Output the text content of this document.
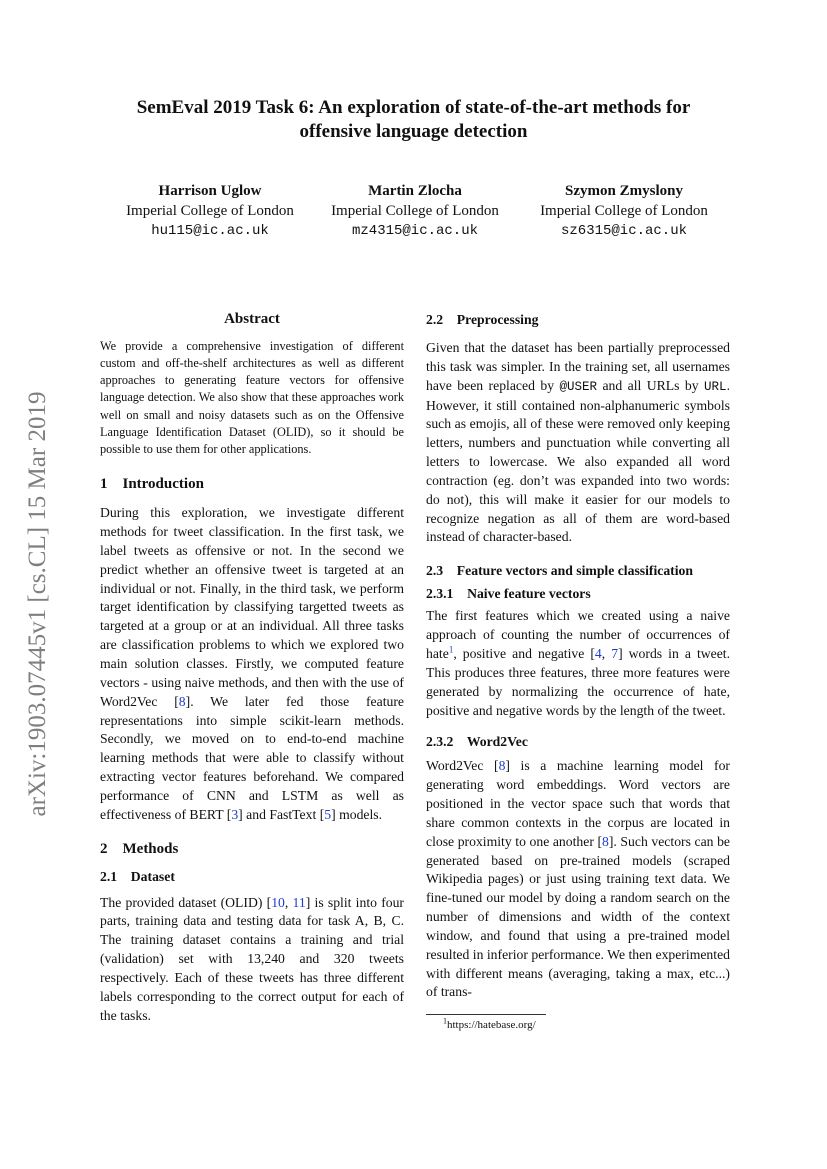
SemEval 2019 Task 6: An exploration of state-of-the-art methods for
offensive language detection
Harrison Uglow
Imperial College of London
hu115@ic.ac.uk
Martin Zlocha
Imperial College of London
mz4315@ic.ac.uk
Szymon Zmyslony
Imperial College of London
sz6315@ic.ac.uk
arXiv:1903.07445v1 [cs.CL] 15 Mar 2019
Abstract

We provide a comprehensive investigation of different custom and off-the-shelf architectures as well as different approaches to generating feature vectors for offensive language detection. We also show that these approaches work well on small and noisy datasets such as on the Offensive Language Identification Dataset (OLID), so it should be possible to use them for other applications.

1 Introduction

During this exploration, we investigate different methods for tweet classification. In the first task, we label tweets as offensive or not. In the second we predict whether an offensive tweet is targeted at an individual or not. Finally, in the third task, we perform target identification by classifying targetted tweets as targeted at a group or at an individual. All three tasks are classification problems to which we explored two main solution classes. Firstly, we computed feature vectors - using naive methods, and then with the use of Word2Vec [8]. We later fed those feature representations into simple scikit-learn methods. Secondly, we moved on to end-to-end machine learning methods that were able to classify without extracting vector features beforehand. We compared performance of CNN and LSTM as well as effectiveness of BERT [3] and FastText [5] models.

2 Methods
2.1 Dataset

The provided dataset (OLID) [10, 11] is split into four parts, training data and testing data for task A, B, C. The training dataset contains a training and trial (validation) set with 13,240 and 320 tweets respectively. Each of these tweets has three different labels corresponding to the correct output for each of the tasks.

2.2 Preprocessing

Given that the dataset has been partially preprocessed this task was simpler. In the training set, all usernames have been replaced by @USER and all URLs by URL. However, it still contained non-alphanumeric symbols such as emojis, all of these were removed only keeping letters, numbers and punctuation while converting all letters to lowercase. We also expanded all word contraction (eg. don’t was expanded into two words: do not), this will make it easier for our models to recognize negation as all of them are word-based instead of character-based.

2.3 Feature vectors and simple classification
2.3.1 Naive feature vectors

The first features which we created using a naive approach of counting the number of occurrences of hate$^1$, positive and negative [4, 7] words in a tweet. This produces three features, three more features were generated by normalizing the occurrence of hate, positive and negative words by the length of the tweet.

2.3.2 Word2Vec

Word2Vec [8] is a machine learning model for generating word embeddings. Word vectors are positioned in the vector space such that words that share common contexts in the corpus are located in close proximity to one another [8]. Such vectors can be generated based on pre-trained models (scraped Wikipedia pages) or just using training text data. We fine-tuned our model by doing a random search on the number of dimensions and width of the context window, and found that using a pre-trained model resulted in inferior performance. We then experimented with different means (averaging, taking a max, etc...) of trans-

$^1$https://hatebase.org/
